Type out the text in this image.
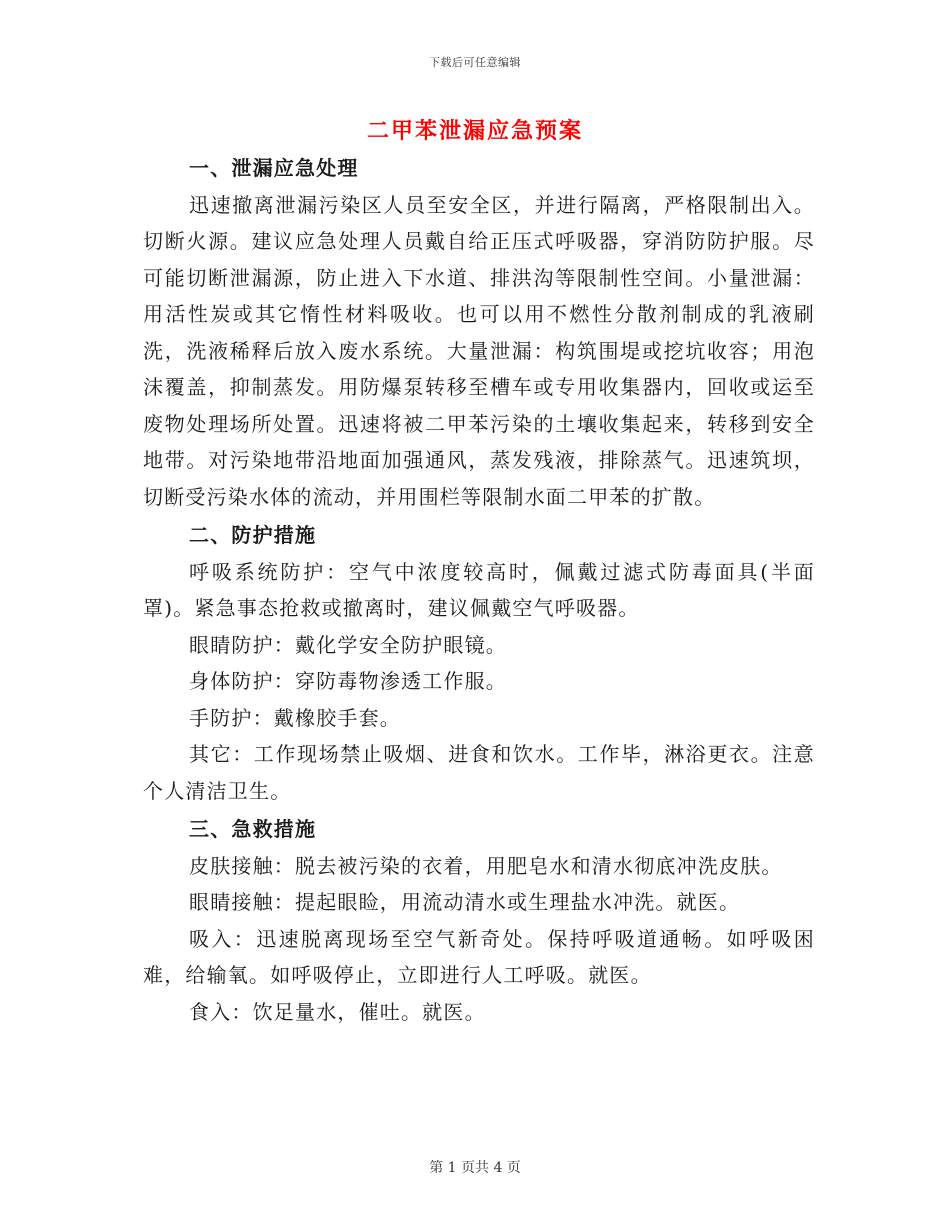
下载后可任意编辑
二甲苯泄漏应急预案

一、泄漏应急处理

迅速撤离泄漏污染区人员至安全区，并进行隔离，严格限制出入。切断火源。建议应急处理人员戴自给正压式呼吸器，穿消防防护服。尽可能切断泄漏源，防止进入下水道、排洪沟等限制性空间。小量泄漏：用活性炭或其它惰性材料吸收。也可以用不燃性分散剂制成的乳液刷洗，洗液稀释后放入废水系统。大量泄漏：构筑围堤或挖坑收容；用泡沫覆盖，抑制蒸发。用防爆泵转移至槽车或专用收集器内，回收或运至废物处理场所处置。迅速将被二甲苯污染的土壤收集起来，转移到安全地带。对污染地带沿地面加强通风，蒸发残液，排除蒸气。迅速筑坝，切断受污染水体的流动，并用围栏等限制水面二甲苯的扩散。

二、防护措施

呼吸系统防护：空气中浓度较高时，佩戴过滤式防毒面具(半面罩)。紧急事态抢救或撤离时，建议佩戴空气呼吸器。

眼睛防护：戴化学安全防护眼镜。

身体防护：穿防毒物渗透工作服。

手防护：戴橡胶手套。

其它：工作现场禁止吸烟、进食和饮水。工作毕，淋浴更衣。注意个人清洁卫生。

三、急救措施

皮肤接触：脱去被污染的衣着，用肥皂水和清水彻底冲洗皮肤。

眼睛接触：提起眼睑，用流动清水或生理盐水冲洗。就医。

吸入：迅速脱离现场至空气新奇处。保持呼吸道通畅。如呼吸困难，给输氧。如呼吸停止，立即进行人工呼吸。就医。

食入：饮足量水，催吐。就医。

第 1 页共 4 页
